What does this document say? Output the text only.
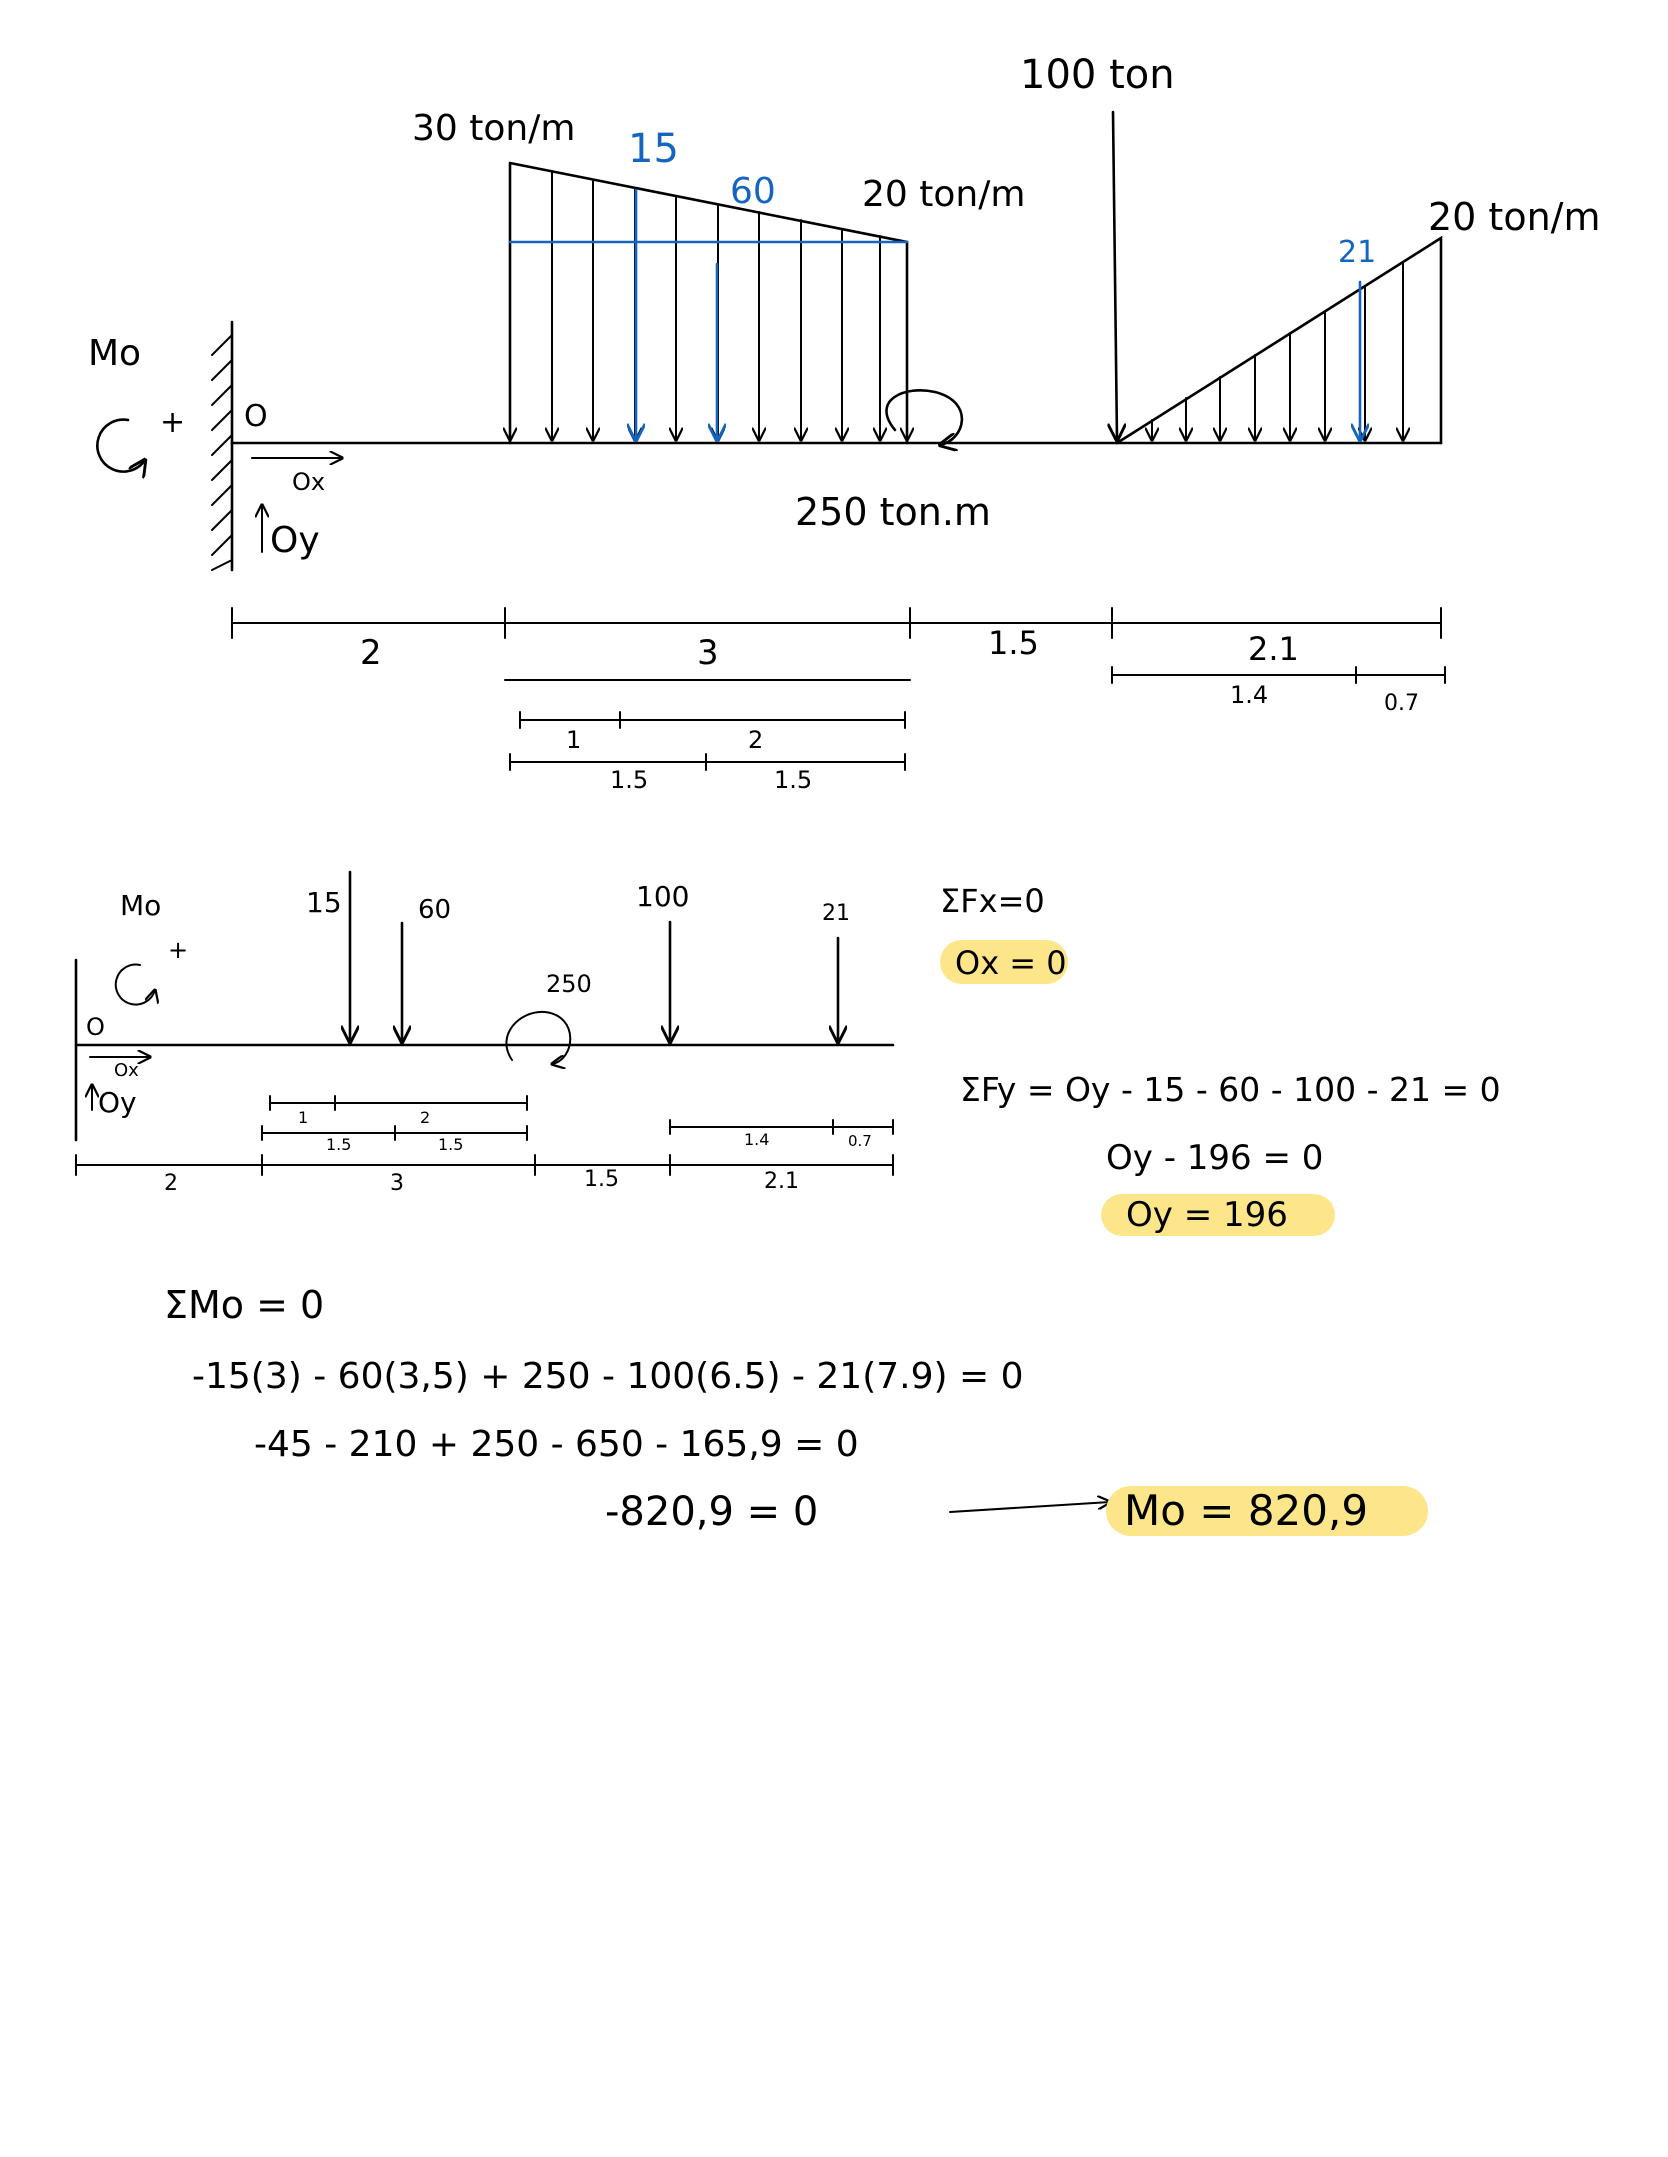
Mo
+ O
Ox
Oy
30 ton/m 15
60 20 ton/m
250 ton.m
100 ton
21
20 ton/m
2	3	1.5	2.1
1	2
1.5	1.5
1.4	0.7
Mo
+
O
Ox
Oy
15	60
250
100
21
1	2
1.5	1.5	1.4	0.7
2	3	1.5	2.1
ΣFx=0
Ox = 0
ΣFy = Oy - 15 - 60 - 100 - 21 = 0
Oy - 196 = 0
Oy = 196
ΣMo = 0
-15(3) - 60(3,5) + 250 - 100(6.5) - 21(7.9) = 0
-45 - 210 + 250 - 650 - 165,9 = 0
-820,9 = 0	Mo = 820,9
